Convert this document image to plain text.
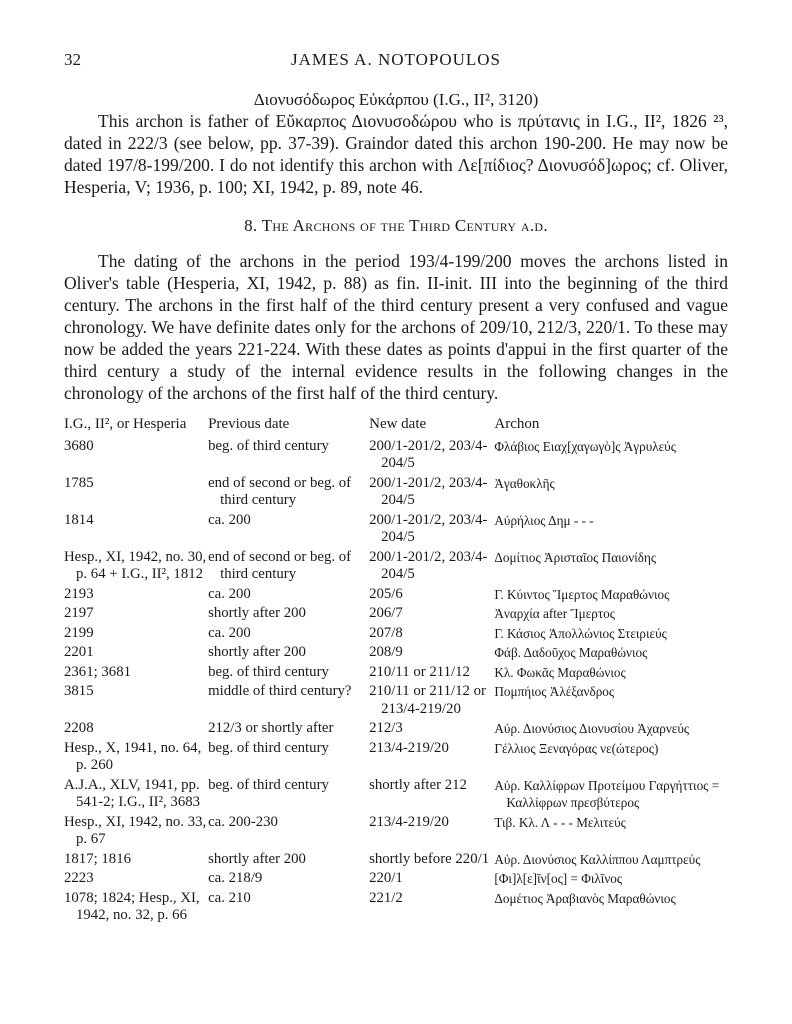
32	JAMES A. NOTOPOULOS
Διονυσόδωρος Εὐκάρπου (I.G., II², 3120)

This archon is father of Εὔκαρπος Διονυσοδώρου who is πρύτανις in I.G., II², 1826 ²³, dated in 222/3 (see below, pp. 37-39). Graindor dated this archon 190-200. He may now be dated 197/8-199/200. I do not identify this archon with Λε[πίδιος? Διονυσόδ]ωρος; cf. Oliver, Hesperia, V; 1936, p. 100; XI, 1942, p. 89, note 46.

8. The Archons of the Third Century a.d.

The dating of the archons in the period 193/4-199/200 moves the archons listed in Oliver's table (Hesperia, XI, 1942, p. 88) as fin. II-init. III into the beginning of the third century. The archons in the first half of the third century present a very confused and vague chronology. We have definite dates only for the archons of 209/10, 212/3, 220/1. To these may now be added the years 221-224. With these dates as points d'appui in the first quarter of the third century a study of the internal evidence results in the following changes in the chronology of the archons of the first half of the third century.

I.G., II², or Hesperia	Previous date	New date	Archon

3680	beg. of third century	200/1-201/2, 203/4-204/5	Φλάβιος Ειαχ[χαγωγὸ]ς Ἀγρυλεύς

1785	end of second or beg. of third century	200/1-201/2, 203/4-204/5	Ἀγαθοκλῆς

1814	ca. 200	200/1-201/2, 203/4-204/5	Αὐρήλιος Δημ - - -

Hesp., XI, 1942, no. 30, p. 64 + I.G., II², 1812	end of second or beg. of third century	200/1-201/2, 203/4-204/5	Δομίτιος Ἀρισταῖος Παιονίδης

2193	ca. 200	205/6	Γ. Κύιντος Ἵμερτος Μαραθώνιος

2197	shortly after 200	206/7	Ἀναρχία after Ἵμερτος

2199	ca. 200	207/8	Γ. Κάσιος Ἀπολλώνιος Στειριεύς

2201	shortly after 200	208/9	Φάβ. Δαδοῦχος Μαραθώνιος

2361; 3681	beg. of third century	210/11 or 211/12	Κλ. Φωκᾶς Μαραθώνιος

3815	middle of third century?	210/11 or 211/12 or 213/4-219/20	Πομπήιος Ἀλέξανδρος

2208	212/3 or shortly after	212/3	Αὐρ. Διονύσιος Διονυσίου Ἀχαρνεύς

Hesp., X, 1941, no. 64, p. 260	beg. of third century	213/4-219/20	Γέλλιος Ξεναγόρας νε(ώτερος)

A.J.A., XLV, 1941, pp. 541-2; I.G., II², 3683	beg. of third century	shortly after 212	Αὐρ. Καλλίφρων Προτείμου Γαργήττιος = Καλλίφρων πρεσβύτερος

Hesp., XI, 1942, no. 33, p. 67	ca. 200-230	213/4-219/20	Τιβ. Κλ. Λ - - - Μελιτεύς

1817; 1816	shortly after 200	shortly before 220/1	Αὐρ. Διονύσιος Καλλίππου Λαμπτρεύς

2223	ca. 218/9	220/1	[Φι]λ[ε]ῖν[ος] = Φιλῖνος

1078; 1824; Hesp., XI, 1942, no. 32, p. 66	ca. 210	221/2	Δομέτιος Ἀραβιανὸς Μαραθώνιος
